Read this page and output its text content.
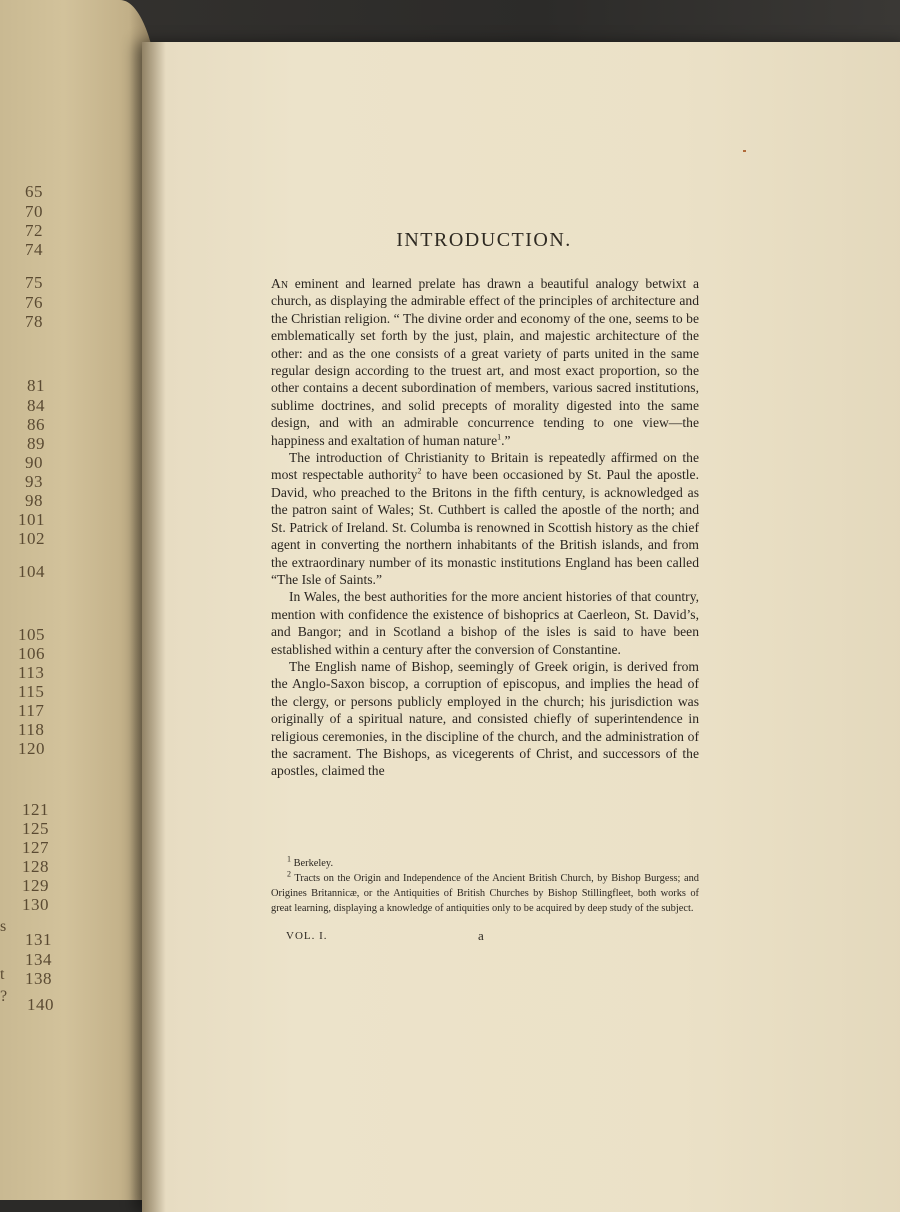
65
70
72
74
75
76
78
81
84
86
89
90
93
98
101
102
104
105
106
113
115
117
118
120
121
125
127
128
129
130
131
134
138
140
s
t
?
INTRODUCTION.

An eminent and learned prelate has drawn a beautiful analogy betwixt a church, as displaying the admirable effect of the principles of architecture and the Christian religion. “ The divine order and economy of the one, seems to be emblematically set forth by the just, plain, and majestic architecture of the other: and as the one consists of a great variety of parts united in the same regular design according to the truest art, and most exact proportion, so the other contains a decent subordination of members, various sacred institutions, sublime doctrines, and solid precepts of morality digested into the same design, and with an admirable concurrence tending to one view—the happiness and exaltation of human nature$^1$.”

The introduction of Christianity to Britain is repeatedly affirmed on the most respectable authority$^2$ to have been occasioned by St. Paul the apostle. David, who preached to the Britons in the fifth century, is acknowledged as the patron saint of Wales; St. Cuthbert is called the apostle of the north; and St. Patrick of Ireland. St. Columba is renowned in Scottish history as the chief agent in converting the northern inhabitants of the British islands, and from the extraordinary number of its monastic institutions England has been called “The Isle of Saints.”

In Wales, the best authorities for the more ancient histories of that country, mention with confidence the existence of bishoprics at Caerleon, St. David’s, and Bangor; and in Scotland a bishop of the isles is said to have been established within a century after the conversion of Constantine.

The English name of Bishop, seemingly of Greek origin, is derived from the Anglo-Saxon biscop, a corruption of episcopus, and implies the head of the clergy, or persons publicly employed in the church; his jurisdiction was originally of a spiritual nature, and consisted chiefly of superintendence in religious ceremonies, in the discipline of the church, and the administration of the sacrament. The Bishops, as vicegerents of Christ, and successors of the apostles, claimed the

$^1$ Berkeley.

$^2$ Tracts on the Origin and Independence of the Ancient British Church, by Bishop Burgess; and Origines Britannicæ, or the Antiquities of British Churches by Bishop Stillingfleet, both works of great learning, displaying a knowledge of antiquities only to be acquired by deep study of the subject.

VOL. I.	a
